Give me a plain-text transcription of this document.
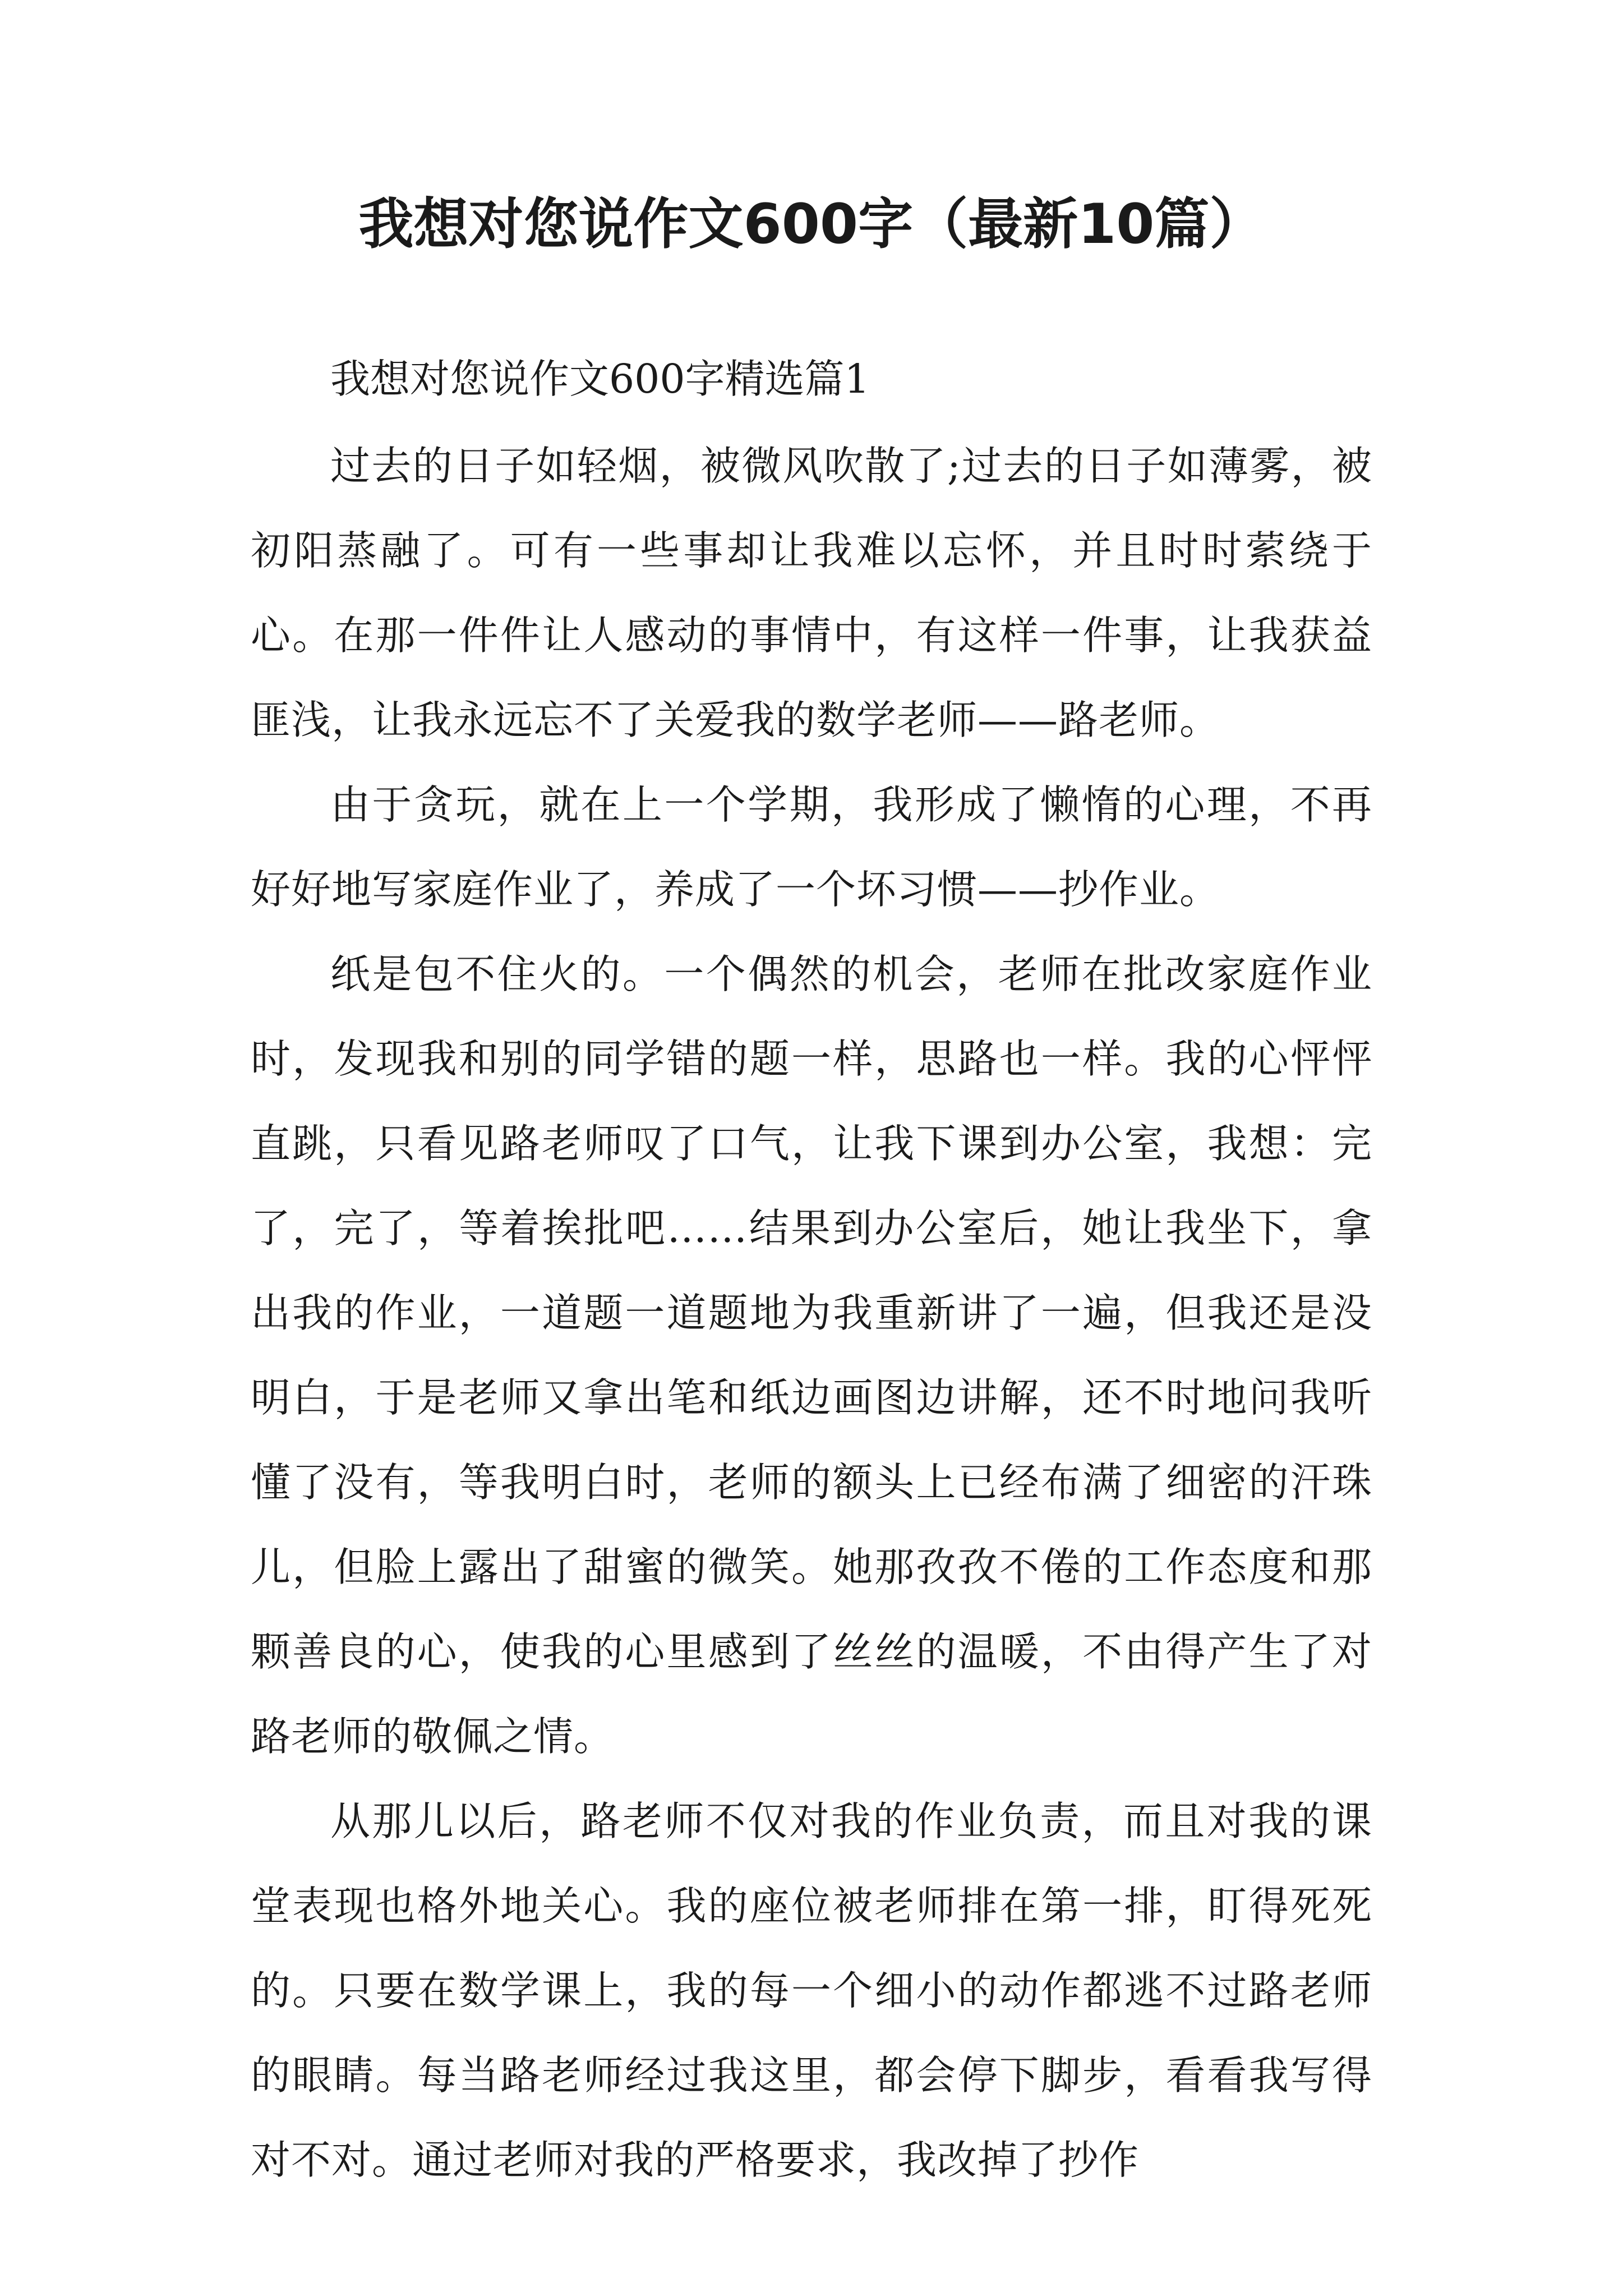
我想对您说作文600字（最新10篇）

我想对您说作文600字精选篇1

过去的日子如轻烟，被微风吹散了;过去的日子如薄雾，被初阳蒸融了。可有一些事却让我难以忘怀，并且时时萦绕于心。在那一件件让人感动的事情中，有这样一件事，让我获益匪浅，让我永远忘不了关爱我的数学老师——路老师。

由于贪玩，就在上一个学期，我形成了懒惰的心理，不再好好地写家庭作业了，养成了一个坏习惯——抄作业。

纸是包不住火的。一个偶然的机会，老师在批改家庭作业时，发现我和别的同学错的题一样，思路也一样。我的心怦怦直跳，只看见路老师叹了口气，让我下课到办公室，我想：完了，完了，等着挨批吧……结果到办公室后，她让我坐下，拿出我的作业，一道题一道题地为我重新讲了一遍，但我还是没明白，于是老师又拿出笔和纸边画图边讲解，还不时地问我听懂了没有，等我明白时，老师的额头上已经布满了细密的汗珠儿，但脸上露出了甜蜜的微笑。她那孜孜不倦的工作态度和那颗善良的心，使我的心里感到了丝丝的温暖，不由得产生了对路老师的敬佩之情。

从那儿以后，路老师不仅对我的作业负责，而且对我的课堂表现也格外地关心。我的座位被老师排在第一排，盯得死死的。只要在数学课上，我的每一个细小的动作都逃不过路老师的眼睛。每当路老师经过我这里，都会停下脚步，看看我写得对不对。通过老师对我的严格要求，我改掉了抄作
